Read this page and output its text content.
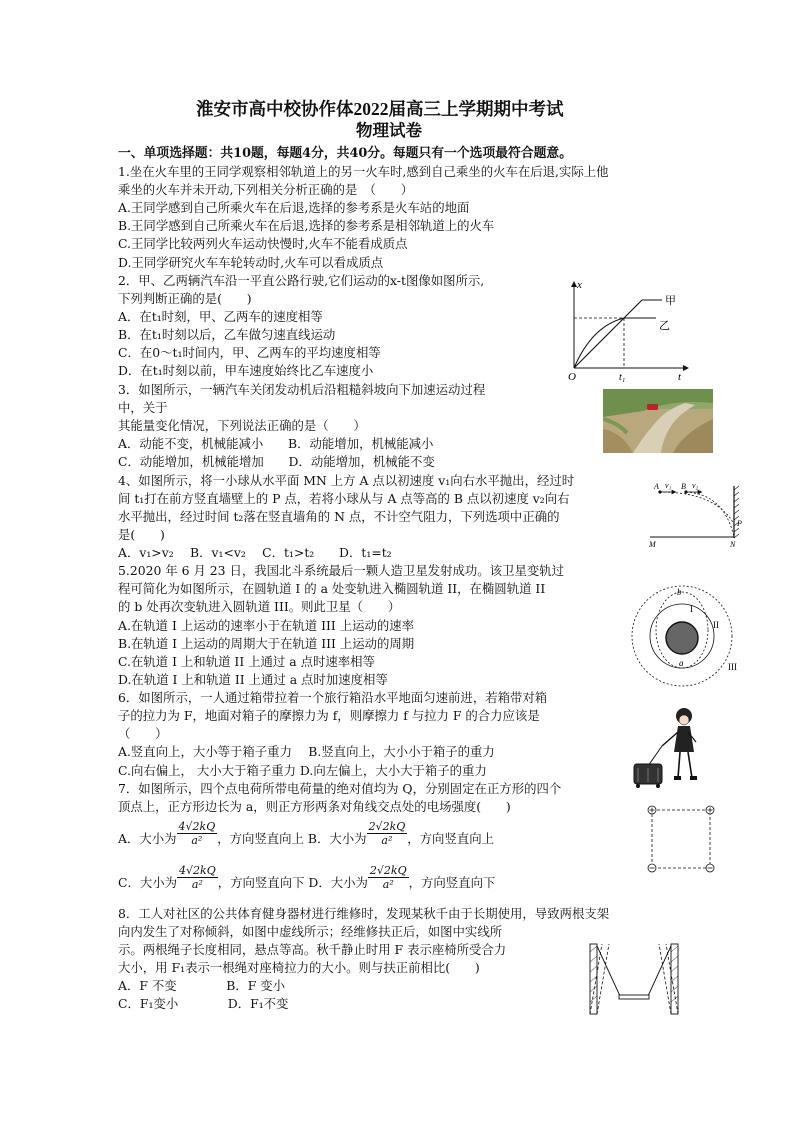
淮安市高中校协作体2022届高三上学期期中考试
物理试卷
一、单项选择题：共10题，每题4分，共40分。每题只有一个选项最符合题意。
1.坐在火车里的王同学观察相邻轨道上的另一火车时,感到自己乘坐的火车在后退,实际上他
乘坐的火车并未开动,下列相关分析正确的是　（　　）
A.王同学感到自己所乘火车在后退,选择的参考系是火车站的地面
B.王同学感到自己所乘火车在后退,选择的参考系是相邻轨道上的火车
C.王同学比较两列火车运动快慢时,火车不能看成质点
D.王同学研究火车车轮转动时,火车可以看成质点
2．甲、乙两辆汽车沿一平直公路行驶,它们运动的x-t图像如图所示,
下列判断正确的是(　　)
A．在t₁时刻，甲、乙两车的速度相等
B．在t₁时刻以后，乙车做匀速直线运动
C．在0～t₁时间内，甲、乙两车的平均速度相等
D．在t₁时刻以前，甲车速度始终比乙车速度小
x
t
O	t₁
甲
乙
3．如图所示，一辆汽车关闭发动机后沿粗糙斜坡向下加速运动过程
中，关于
其能量变化情况，下列说法正确的是（　　）
A．动能不变，机械能减小　　B．动能增加，机械能减小
C．动能增加，机械能增加　　D．动能增加，机械能不变
4、如图所示，将一小球从水平面 MN 上方 A 点以初速度 v₁向右水平抛出，经过时
间 t₁打在前方竖直墙壁上的 P 点，若将小球从与 A 点等高的 B 点以初速度 v₂向右
水平抛出，经过时间 t₂落在竖直墙角的 N 点，不计空气阻力，下列选项中正确的
是(　　)
A．v₁>v₂　 B．v₁<v₂　 C．t₁>t₂　　D．t₁=t₂
A v₁ B v₂
P
M	N
5.2020 年 6 月 23 日，我国北斗系统最后一颗人造卫星发射成功。该卫星变轨过
程可简化为如图所示，在圆轨道 I 的 a 处变轨进入椭圆轨道 II，在椭圆轨道 II
的 b 处再次变轨进入圆轨道 III。则此卫星（　　）
A.在轨道 I 上运动的速率小于在轨道 III 上运动的速率
B.在轨道 I 上运动的周期大于在轨道 III 上运动的周期
C.在轨道 I 上和轨道 II 上通过 a 点时速率相等
D.在轨道 I 上和轨道 II 上通过 a 点时加速度相等
b
I
II
a	III
6．如图所示，一人通过箱带拉着一个旅行箱沿水平地面匀速前进，若箱带对箱
子的拉力为 F，地面对箱子的摩擦力为 f，则摩擦力 f 与拉力 F 的合力应该是
（　　）
A.竖直向上，大小等于箱子重力　 B.竖直向上，大小小于箱子的重力
C.向右偏上， 大小大于箱子重力 D.向左偏上，大小大于箱子的重力
7．如图所示，四个点电荷所带电荷量的绝对值均为 Q，分别固定在正方形的四个
顶点上，正方形边长为 a，则正方形两条对角线交点处的电场强度(　　)
A．大小为 $\frac{4√2kQ}{\text{a²}}$ ，方向竖直向上 B．大小为 $\frac{2√2kQ}{\text{a²}}$ ，方向竖直向上
C．大小为 $\frac{4√2kQ}{\text{a²}}$ ，方向竖直向下 D．大小为 $\frac{2√2kQ}{\text{a²}}$ ，方向竖直向下
8．工人对社区的公共体育健身器材进行维修时，发现某秋千由于长期使用，导致两根支架
向内发生了对称倾斜，如图中虚线所示；经维修扶正后，如图中实线所
示。两根绳子长度相同，悬点等高。秋千静止时用 F 表示座椅所受合力
大小，用 F₁表示一根绳对座椅拉力的大小。则与扶正前相比(　　)
A．F 不变　　　　B．F 变小
C．F₁变小　　　　D．F₁不变
